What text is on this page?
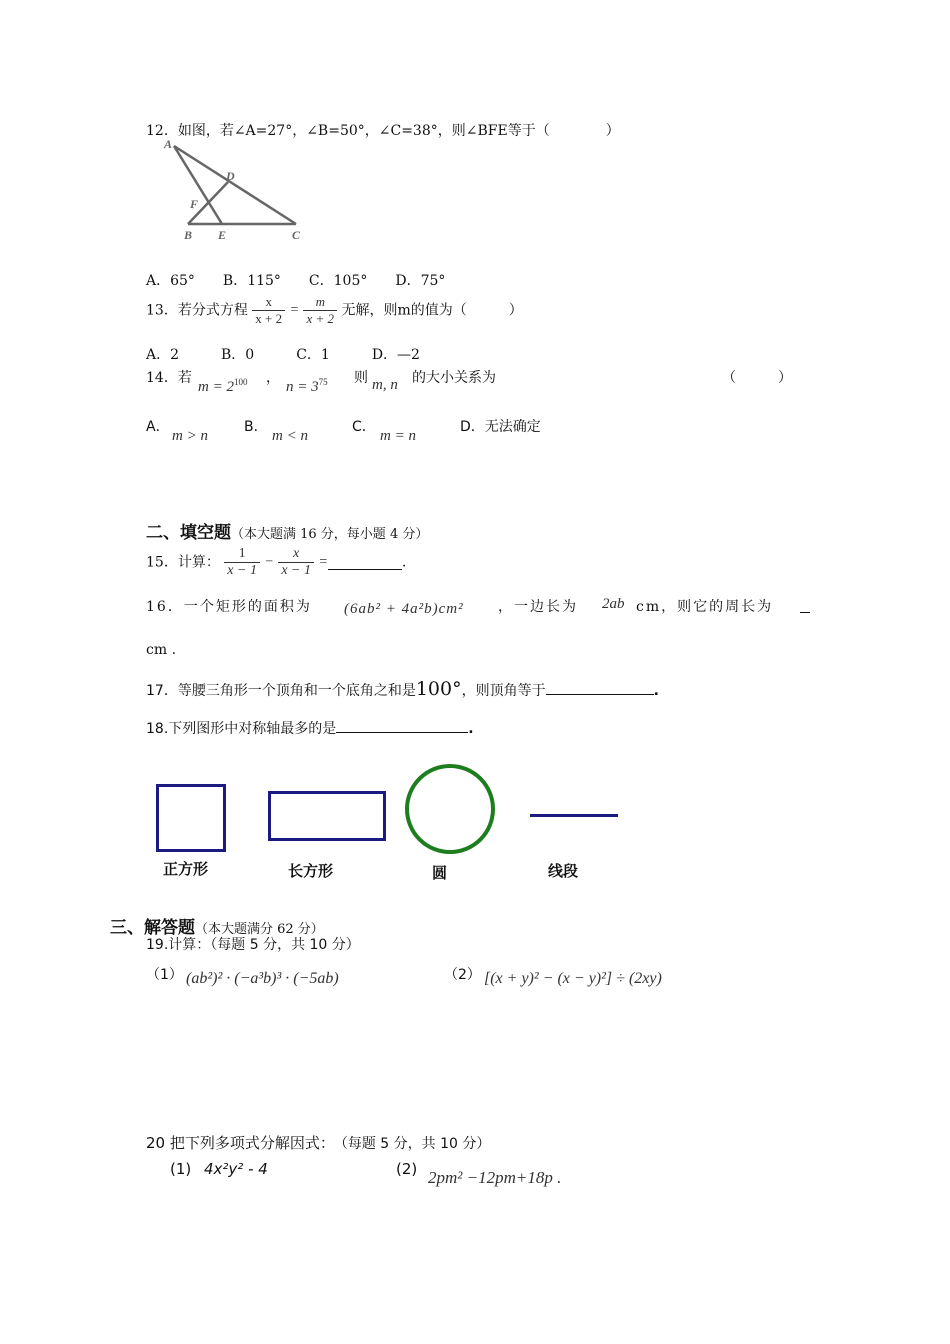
12．如图，若∠A=27°，∠B=50°，∠C=38°，则∠BFE等于（　　　　）
A
D
F
B E	C
A．65°　　B．115°　　C．105°　　D．75°
13．若分式方程 $\frac{x}{x + 2} = \frac{m}{x + 2}$ 无解，则m的值为（　　　）
A．2　　　B．0　　　C．1　　　D．—2
14．若
$m = 2^{100}$ ，
$n = 3^{75}$ 则 m, n 的大小关系为	（　　　）
A．
m > n
B．
m < n
C．
m = n
D．无法确定
二、填空题（本大题满 16 分，每小题 4 分）
15．计算： $\frac{1}{x - 1} - \frac{x}{x - 1}$ =	.
16．一个矩形的面积为 (6ab² + 4a²b)cm² ，一边长为 2ab cm，则它的周长为
cm .
17．等腰三角形一个顶角和一个底角之和是100°，则顶角等于	.
18.下列图形中对称轴最多的是	.
正方形	长方形	圆	线段
三、解答题（本大题满分 62 分）
19.计算：（每题 5 分，共 10 分）
（1） (ab²)² · (−a³b)³ · (−5ab)	（2） [(x + y)² − (x − y)²] ÷ (2xy)
20 把下列多项式分解因式： （每题 5 分，共 10 分）
(1) 4x²y² - 4	(2) 2pm² −12pm+18p .
